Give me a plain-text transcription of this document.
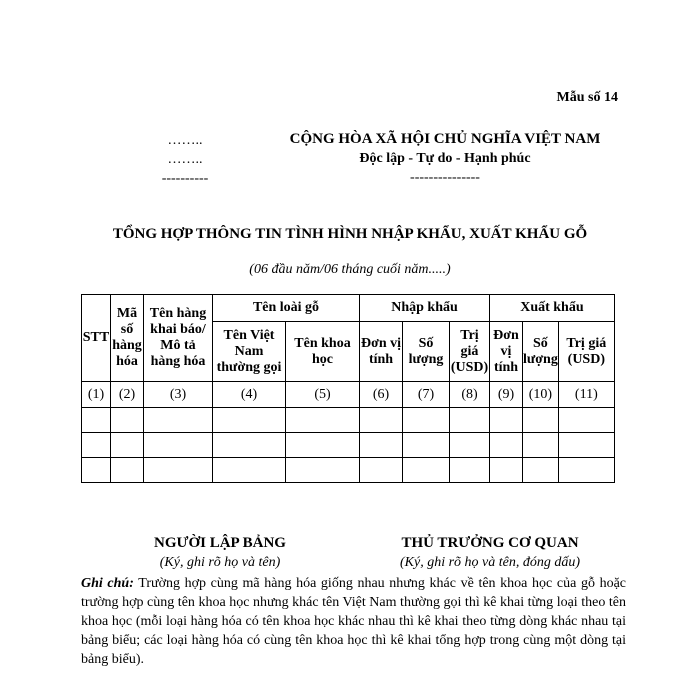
Mẫu số 14
……..
……..
----------
CỘNG HÒA XÃ HỘI CHỦ NGHĨA VIỆT NAM
Độc lập - Tự do - Hạnh phúc
---------------
TỔNG HỢP THÔNG TIN TÌNH HÌNH NHẬP KHẨU, XUẤT KHẨU GỖ
(06 đầu năm/06 tháng cuối năm.....)
STT	Mã số hàng hóa	Tên hàng khai báo/ Mô tả hàng hóa	Tên loài gỗ		Nhập khẩu			Xuất khẩu		
			Tên Việt Nam thường gọi	Tên khoa học	Đơn vị tính	Số lượng	Trị giá (USD)	Đơn vị tính	Số lượng	Trị giá (USD)
(1)	(2)	(3)	(4)	(5)	(6)	(7)	(8)	(9)	(10)	(11)

NGƯỜI LẬP BẢNG
(Ký, ghi rõ họ và tên)
THỦ TRƯỞNG CƠ QUAN
(Ký, ghi rõ họ và tên, đóng dấu)
Ghi chú: Trường hợp cùng mã hàng hóa giống nhau nhưng khác về tên khoa học của gỗ hoặc trường hợp cùng tên khoa học nhưng khác tên Việt Nam thường gọi thì kê khai từng loại theo tên khoa học (mỗi loại hàng hóa có tên khoa học khác nhau thì kê khai theo từng dòng khác nhau tại bảng biểu; các loại hàng hóa có cùng tên khoa học thì kê khai tổng hợp trong cùng một dòng tại bảng biểu).
